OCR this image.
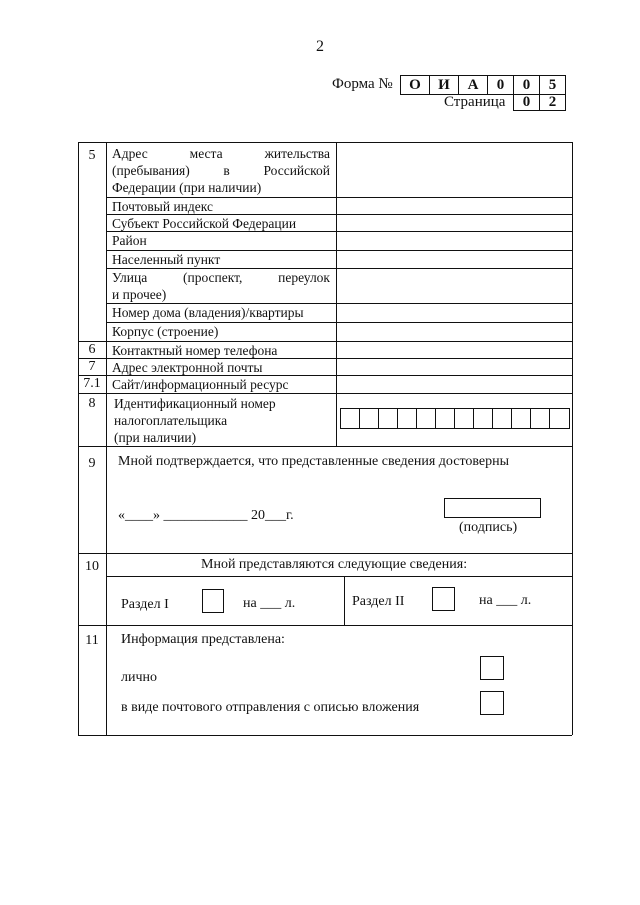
2
Форма №	О	И	А	0	0	5
Страница	0	2
5	Адрес места жительства
(пребывания) в Российской
Федерации (при наличии)
Почтовый индекс
Субъект Российской Федерации
Район
Населенный пункт
Улица (проспект, переулок
и прочее)
Номер дома (владения)/квартиры
Корпус (строение)
6	Контактный номер телефона
7	Адрес электронной почты
7.1 Сайт/информационный ресурс
8	Идентификационный номер
налогоплательщика
(при наличии)
9	Мной подтверждается, что представленные сведения достоверны
«____» ____________ 20___г.
(подпись)
10	Мной представляются следующие сведения:
Раздел I	на ___ л.	Раздел II	на ___ л.
11	Информация представлена:
лично
в виде почтового отправления с описью вложения
